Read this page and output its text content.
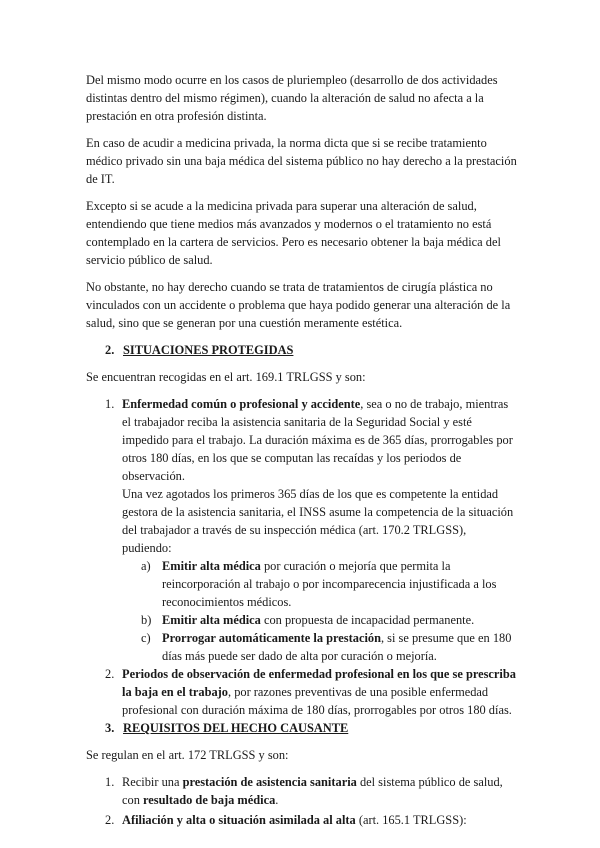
Del mismo modo ocurre en los casos de pluriempleo (desarrollo de dos actividades distintas dentro del mismo régimen), cuando la alteración de salud no afecta a la prestación en otra profesión distinta.

En caso de acudir a medicina privada, la norma dicta que si se recibe tratamiento médico privado sin una baja médica del sistema público no hay derecho a la prestación de IT.

Excepto si se acude a la medicina privada para superar una alteración de salud, entendiendo que tiene medios más avanzados y modernos o el tratamiento no está contemplado en la cartera de servicios. Pero es necesario obtener la baja médica del servicio público de salud.

No obstante, no hay derecho cuando se trata de tratamientos de cirugía plástica no vinculados con un accidente o problema que haya podido generar una alteración de la salud, sino que se generan por una cuestión meramente estética.

2. SITUACIONES PROTEGIDAS

Se encuentran recogidas en el art. 169.1 TRLGSS y son:

1. Enfermedad común o profesional y accidente, sea o no de trabajo, mientras el trabajador reciba la asistencia sanitaria de la Seguridad Social y esté impedido para el trabajo. La duración máxima es de 365 días, prorrogables por otros 180 días, en los que se computan las recaídas y los periodos de observación.
Una vez agotados los primeros 365 días de los que es competente la entidad gestora de la asistencia sanitaria, el INSS asume la competencia de la situación del trabajador a través de su inspección médica (art. 170.2 TRLGSS), pudiendo:
a) Emitir alta médica por curación o mejoría que permita la reincorporación al trabajo o por incomparecencia injustificada a los reconocimientos médicos.
b) Emitir alta médica con propuesta de incapacidad permanente.
c) Prorrogar automáticamente la prestación, si se presume que en 180 días más puede ser dado de alta por curación o mejoría.
2. Periodos de observación de enfermedad profesional en los que se prescriba la baja en el trabajo, por razones preventivas de una posible enfermedad profesional con duración máxima de 180 días, prorrogables por otros 180 días.
3. REQUISITOS DEL HECHO CAUSANTE

Se regulan en el art. 172 TRLGSS y son:

1. Recibir una prestación de asistencia sanitaria del sistema público de salud, con resultado de baja médica.
2. Afiliación y alta o situación asimilada al alta (art. 165.1 TRLGSS):
